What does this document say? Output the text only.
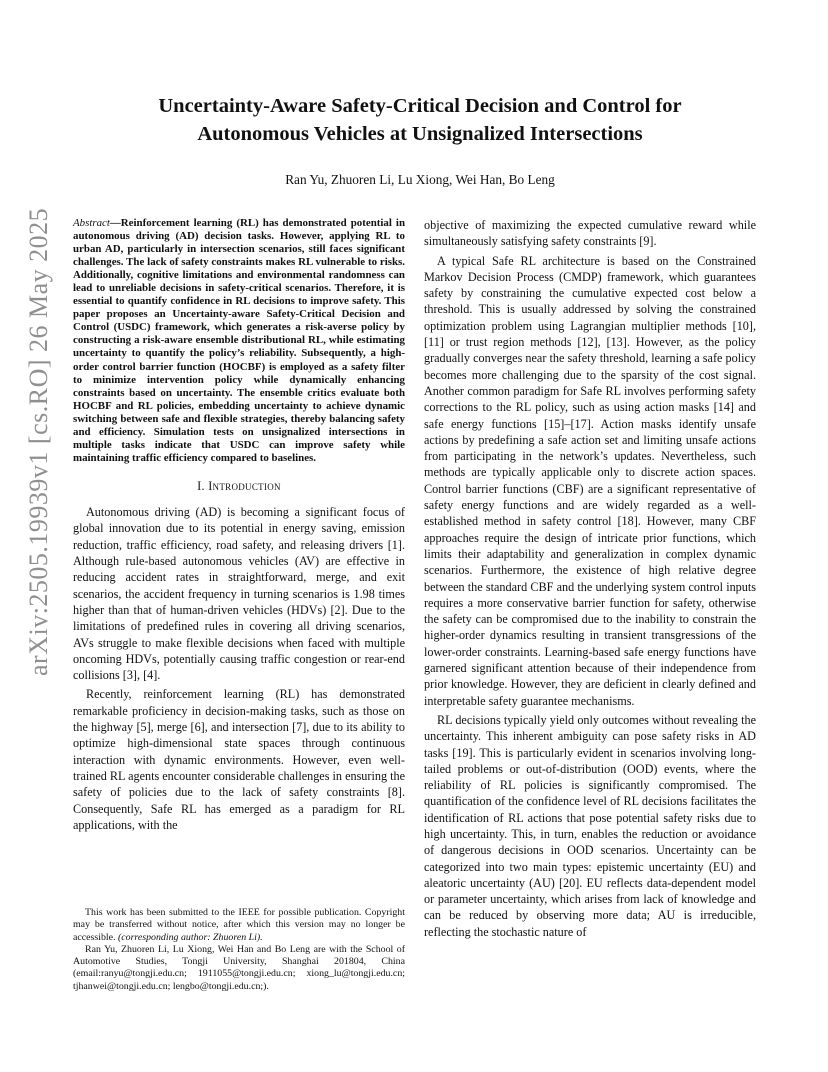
arXiv:2505.19939v1 [cs.RO] 26 May 2025
Uncertainty-Aware Safety-Critical Decision and Control for
Autonomous Vehicles at Unsignalized Intersections
Ran Yu, Zhuoren Li, Lu Xiong, Wei Han, Bo Leng

Abstract—Reinforcement learning (RL) has demonstrated potential in autonomous driving (AD) decision tasks. However, applying RL to urban AD, particularly in intersection scenarios, still faces significant challenges. The lack of safety constraints makes RL vulnerable to risks. Additionally, cognitive limitations and environmental randomness can lead to unreliable decisions in safety-critical scenarios. Therefore, it is essential to quantify confidence in RL decisions to improve safety. This paper proposes an Uncertainty-aware Safety-Critical Decision and Control (USDC) framework, which generates a risk-averse policy by constructing a risk-aware ensemble distributional RL, while estimating uncertainty to quantify the policy’s reliability. Subsequently, a high-order control barrier function (HOCBF) is employed as a safety filter to minimize intervention policy while dynamically enhancing constraints based on uncertainty. The ensemble critics evaluate both HOCBF and RL policies, embedding uncertainty to achieve dynamic switching between safe and flexible strategies, thereby balancing safety and efficiency. Simulation tests on unsignalized intersections in multiple tasks indicate that USDC can improve safety while maintaining traffic efficiency compared to baselines.

I. Introduction

Autonomous driving (AD) is becoming a significant focus of global innovation due to its potential in energy saving, emission reduction, traffic efficiency, road safety, and releasing drivers [1]. Although rule-based autonomous vehicles (AV) are effective in reducing accident rates in straightforward, merge, and exit scenarios, the accident frequency in turning scenarios is 1.98 times higher than that of human-driven vehicles (HDVs) [2]. Due to the limitations of predefined rules in covering all driving scenarios, AVs struggle to make flexible decisions when faced with multiple oncoming HDVs, potentially causing traffic congestion or rear-end collisions [3], [4].

Recently, reinforcement learning (RL) has demonstrated remarkable proficiency in decision-making tasks, such as those on the highway [5], merge [6], and intersection [7], due to its ability to optimize high-dimensional state spaces through continuous interaction with dynamic environments. However, even well-trained RL agents encounter considerable challenges in ensuring the safety of policies due to the lack of safety constraints [8]. Consequently, Safe RL has emerged as a paradigm for RL applications, with the

This work has been submitted to the IEEE for possible publication. Copyright may be transferred without notice, after which this version may no longer be accessible. (corresponding author: Zhuoren Li).

Ran Yu, Zhuoren Li, Lu Xiong, Wei Han and Bo Leng are with the School of Automotive Studies, Tongji University, Shanghai 201804, China (email:ranyu@tongji.edu.cn; 1911055@tongji.edu.cn; xiong_lu@tongji.edu.cn; tjhanwei@tongji.edu.cn; lengbo@tongji.edu.cn;).

objective of maximizing the expected cumulative reward while simultaneously satisfying safety constraints [9].

A typical Safe RL architecture is based on the Constrained Markov Decision Process (CMDP) framework, which guarantees safety by constraining the cumulative expected cost below a threshold. This is usually addressed by solving the constrained optimization problem using Lagrangian multiplier methods [10], [11] or trust region methods [12], [13]. However, as the policy gradually converges near the safety threshold, learning a safe policy becomes more challenging due to the sparsity of the cost signal. Another common paradigm for Safe RL involves performing safety corrections to the RL policy, such as using action masks [14] and safe energy functions [15]–[17]. Action masks identify unsafe actions by predefining a safe action set and limiting unsafe actions from participating in the network’s updates. Nevertheless, such methods are typically applicable only to discrete action spaces. Control barrier functions (CBF) are a significant representative of safety energy functions and are widely regarded as a well-established method in safety control [18]. However, many CBF approaches require the design of intricate prior functions, which limits their adaptability and generalization in complex dynamic scenarios. Furthermore, the existence of high relative degree between the standard CBF and the underlying system control inputs requires a more conservative barrier function for safety, otherwise the safety can be compromised due to the inability to constrain the higher-order dynamics resulting in transient transgressions of the lower-order constraints. Learning-based safe energy functions have garnered significant attention because of their independence from prior knowledge. However, they are deficient in clearly defined and interpretable safety guarantee mechanisms.

RL decisions typically yield only outcomes without revealing the uncertainty. This inherent ambiguity can pose safety risks in AD tasks [19]. This is particularly evident in scenarios involving long-tailed problems or out-of-distribution (OOD) events, where the reliability of RL policies is significantly compromised. The quantification of the confidence level of RL decisions facilitates the identification of RL actions that pose potential safety risks due to high uncertainty. This, in turn, enables the reduction or avoidance of dangerous decisions in OOD scenarios. Uncertainty can be categorized into two main types: epistemic uncertainty (EU) and aleatoric uncertainty (AU) [20]. EU reflects data-dependent model or parameter uncertainty, which arises from lack of knowledge and can be reduced by observing more data; AU is irreducible, reflecting the stochastic nature of
